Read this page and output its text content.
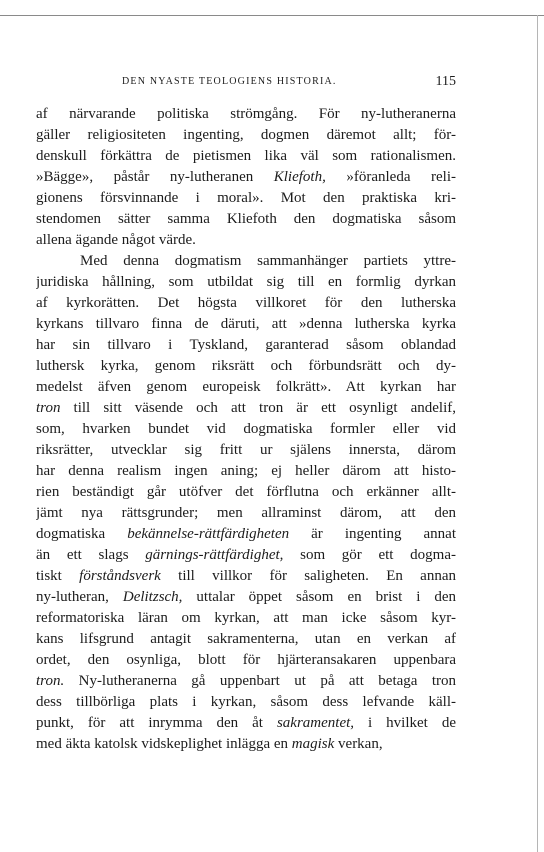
DEN NYASTE TEOLOGIENS HISTORIA.	115
af närvarande politiska strömgång. För ny-lutheranerna
gäller religiositeten ingenting, dogmen däremot allt; för-
denskull förkättra de pietismen lika väl som rationalismen.
»Bägge», påstår ny-lutheranen Kliefoth, »föranleda reli-
gionens försvinnande i moral». Mot den praktiska kri-
stendomen sätter samma Kliefoth den dogmatiska såsom
allena ägande något värde.
Med denna dogmatism sammanhänger partiets yttre-
juridiska hållning, som utbildat sig till en formlig dyrkan
af kyrkorätten. Det högsta villkoret för den lutherska
kyrkans tillvaro finna de däruti, att »denna lutherska kyrka
har sin tillvaro i Tyskland, garanterad såsom oblandad
luthersk kyrka, genom riksrätt och förbundsrätt och dy-
medelst äfven genom europeisk folkrätt». Att kyrkan har
tron till sitt väsende och att tron är ett osynligt andelif,
som, hvarken bundet vid dogmatiska formler eller vid
riksrätter, utvecklar sig fritt ur själens innersta, därom
har denna realism ingen aning; ej heller därom att histo-
rien beständigt går utöfver det förflutna och erkänner allt-
jämt nya rättsgrunder; men allraminst därom, att den
dogmatiska bekännelse-rättfärdigheten är ingenting annat
än ett slags gärnings-rättfärdighet, som gör ett dogma-
tiskt förståndsverk till villkor för saligheten. En annan
ny-lutheran, Delitzsch, uttalar öppet såsom en brist i den
reformatoriska läran om kyrkan, att man icke såsom kyr-
kans lifsgrund antagit sakramenterna, utan en verkan af
ordet, den osynliga, blott för hjärteransakaren uppenbara
tron. Ny-lutheranerna gå uppenbart ut på att betaga tron
dess tillbörliga plats i kyrkan, såsom dess lefvande käll-
punkt, för att inrymma den åt sakramentet, i hvilket de
med äkta katolsk vidskeplighet inlägga en magisk verkan,
